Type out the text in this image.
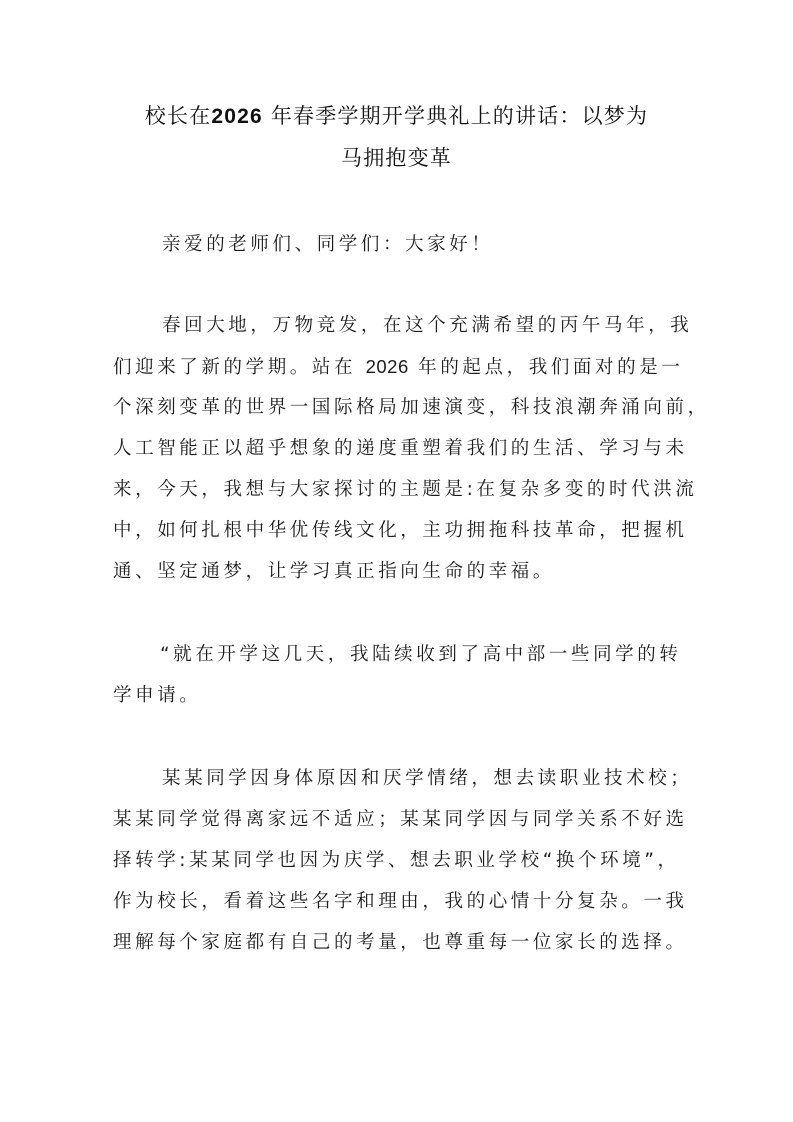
校长在2026 年春季学期开学典礼上的讲话：以梦为
马拥抱变革
亲爱的老师们、同学们：大家好！
春回大地，万物竞发，在这个充满希望的丙午马年，我
们迎来了新的学期。站在 2026 年的起点，我们面对的是一
个深刻变革的世界一国际格局加速演变，科技浪潮奔涌向前，
人工智能正以超乎想象的递度重塑着我们的生活、学习与未
来，今天，我想与大家探讨的主题是:在复杂多变的时代洪流
中，如何扎根中华优传线文化，主功拥拖科技革命，把握机
通、坚定通梦，让学习真正指向生命的幸福。
“就在开学这几天，我陆续收到了高中部一些同学的转
学申请。
某某同学因身体原因和厌学情绪，想去读职业技术校；
某某同学觉得离家远不适应；某某同学因与同学关系不好选
择转学:某某同学也因为庆学、想去职业学校“换个环境”，
作为校长，看着这些名字和理由，我的心情十分复杂。一我
理解每个家庭都有自己的考量，也尊重每一位家长的选择。
